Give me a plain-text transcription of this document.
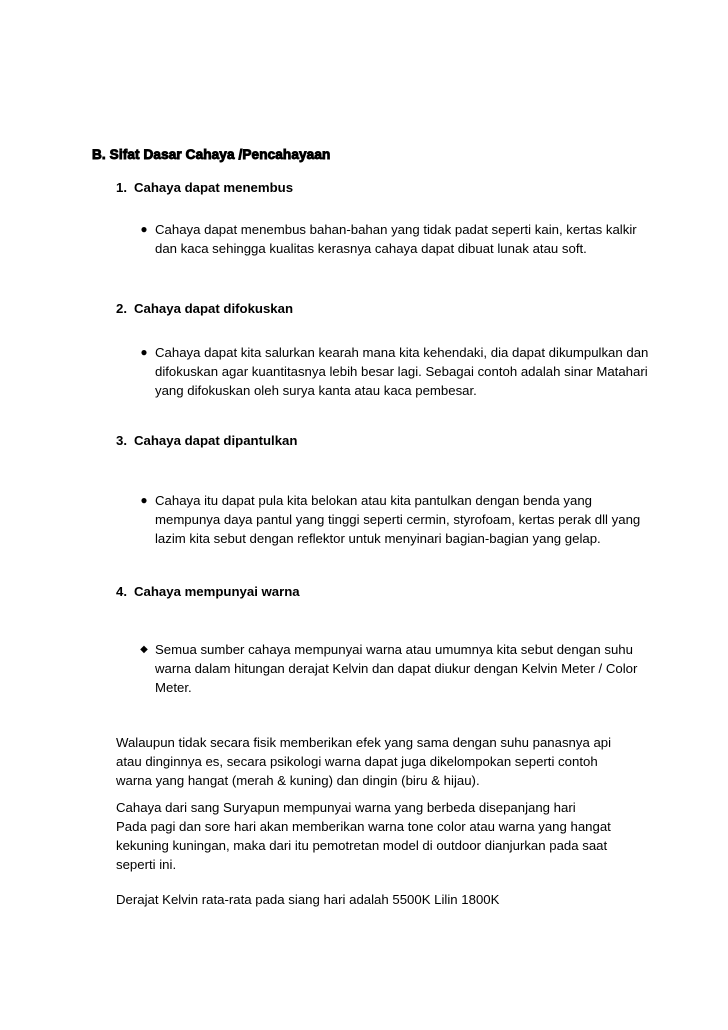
B. Sifat Dasar Cahaya /Pencahayaan
1. Cahaya dapat menembus
● Cahaya dapat menembus bahan-bahan yang tidak padat seperti kain, kertas kalkir dan kaca sehingga kualitas kerasnya cahaya dapat dibuat lunak atau soft.
2. Cahaya dapat difokuskan
● Cahaya dapat kita salurkan kearah mana kita kehendaki, dia dapat dikumpulkan dan difokuskan agar kuantitasnya lebih besar lagi. Sebagai contoh adalah sinar Matahari yang difokuskan oleh surya kanta atau kaca pembesar.
3. Cahaya dapat dipantulkan
● Cahaya itu dapat pula kita belokan atau kita pantulkan dengan benda yang mempunya daya pantul yang tinggi seperti cermin, styrofoam, kertas perak dll yang lazim kita sebut dengan reflektor untuk menyinari bagian-bagian yang gelap.
4. Cahaya mempunyai warna
◆ Semua sumber cahaya mempunyai warna atau umumnya kita sebut dengan suhu warna dalam hitungan derajat Kelvin dan dapat diukur dengan Kelvin Meter / Color Meter.
Walaupun tidak secara fisik memberikan efek yang sama dengan suhu panasnya api
atau dinginnya es, secara psikologi warna dapat juga dikelompokan seperti contoh
warna yang hangat (merah & kuning) dan dingin (biru & hijau).
Cahaya dari sang Suryapun mempunyai warna yang berbeda disepanjang hari
Pada pagi dan sore hari akan memberikan warna tone color atau warna yang hangat
kekuning kuningan, maka dari itu pemotretan model di outdoor dianjurkan pada saat
seperti ini.
Derajat Kelvin rata-rata pada siang hari adalah 5500K Lilin 1800K
